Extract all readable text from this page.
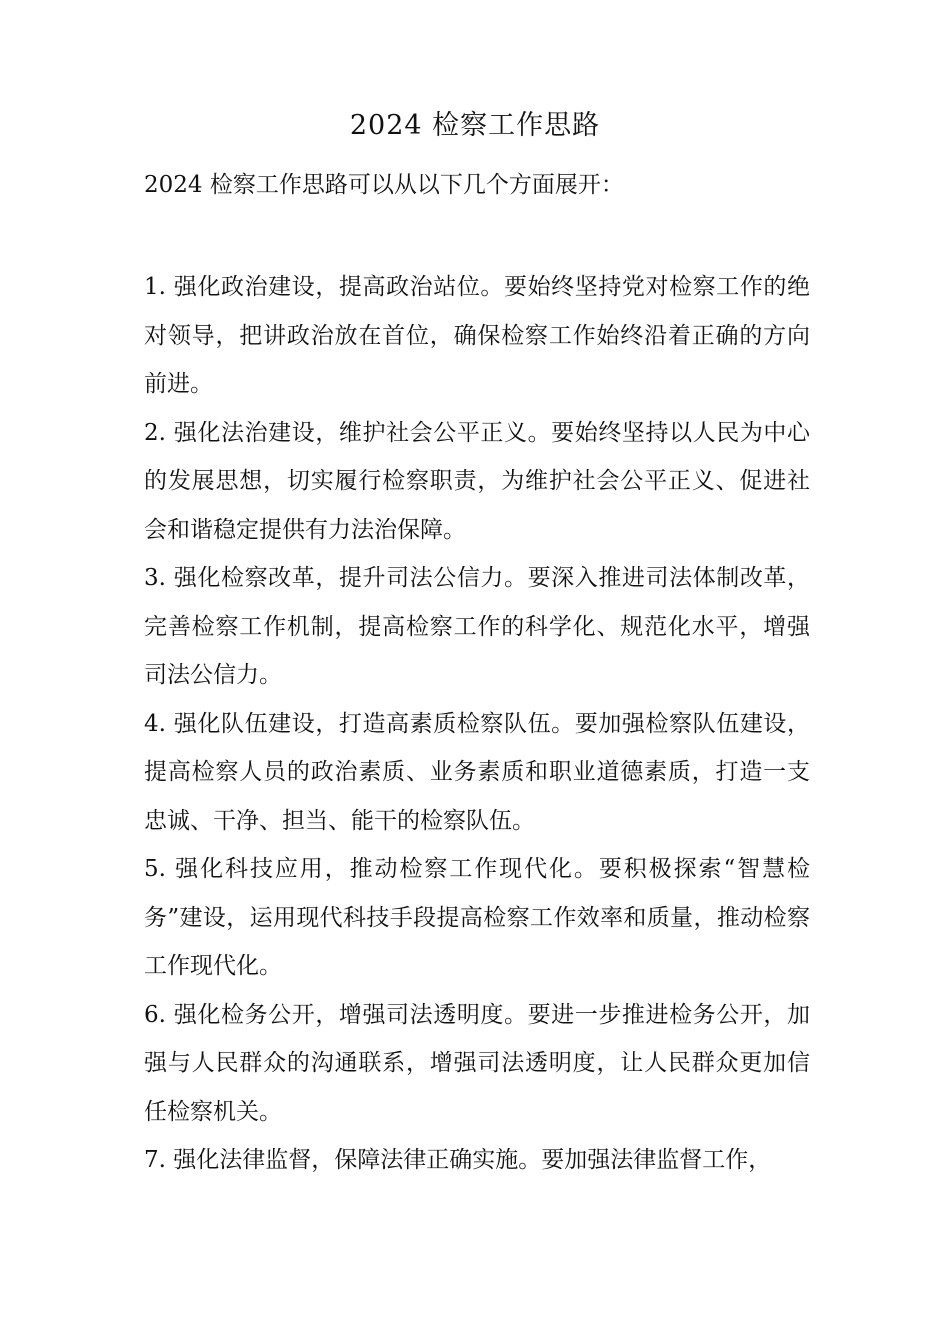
2024 检察工作思路
2024 检察工作思路可以从以下几个方面展开：

1. 强化政治建设，提高政治站位。要始终坚持党对检察工作的绝对领导，把讲政治放在首位，确保检察工作始终沿着正确的方向前进。

2. 强化法治建设，维护社会公平正义。要始终坚持以人民为中心的发展思想，切实履行检察职责，为维护社会公平正义、促进社会和谐稳定提供有力法治保障。

3. 强化检察改革，提升司法公信力。要深入推进司法体制改革，完善检察工作机制，提高检察工作的科学化、规范化水平，增强司法公信力。

4. 强化队伍建设，打造高素质检察队伍。要加强检察队伍建设，提高检察人员的政治素质、业务素质和职业道德素质，打造一支忠诚、干净、担当、能干的检察队伍。

5. 强化科技应用，推动检察工作现代化。要积极探索“智慧检务”建设，运用现代科技手段提高检察工作效率和质量，推动检察工作现代化。

6. 强化检务公开，增强司法透明度。要进一步推进检务公开，加强与人民群众的沟通联系，增强司法透明度，让人民群众更加信任检察机关。

7. 强化法律监督，保障法律正确实施。要加强法律监督工作，
